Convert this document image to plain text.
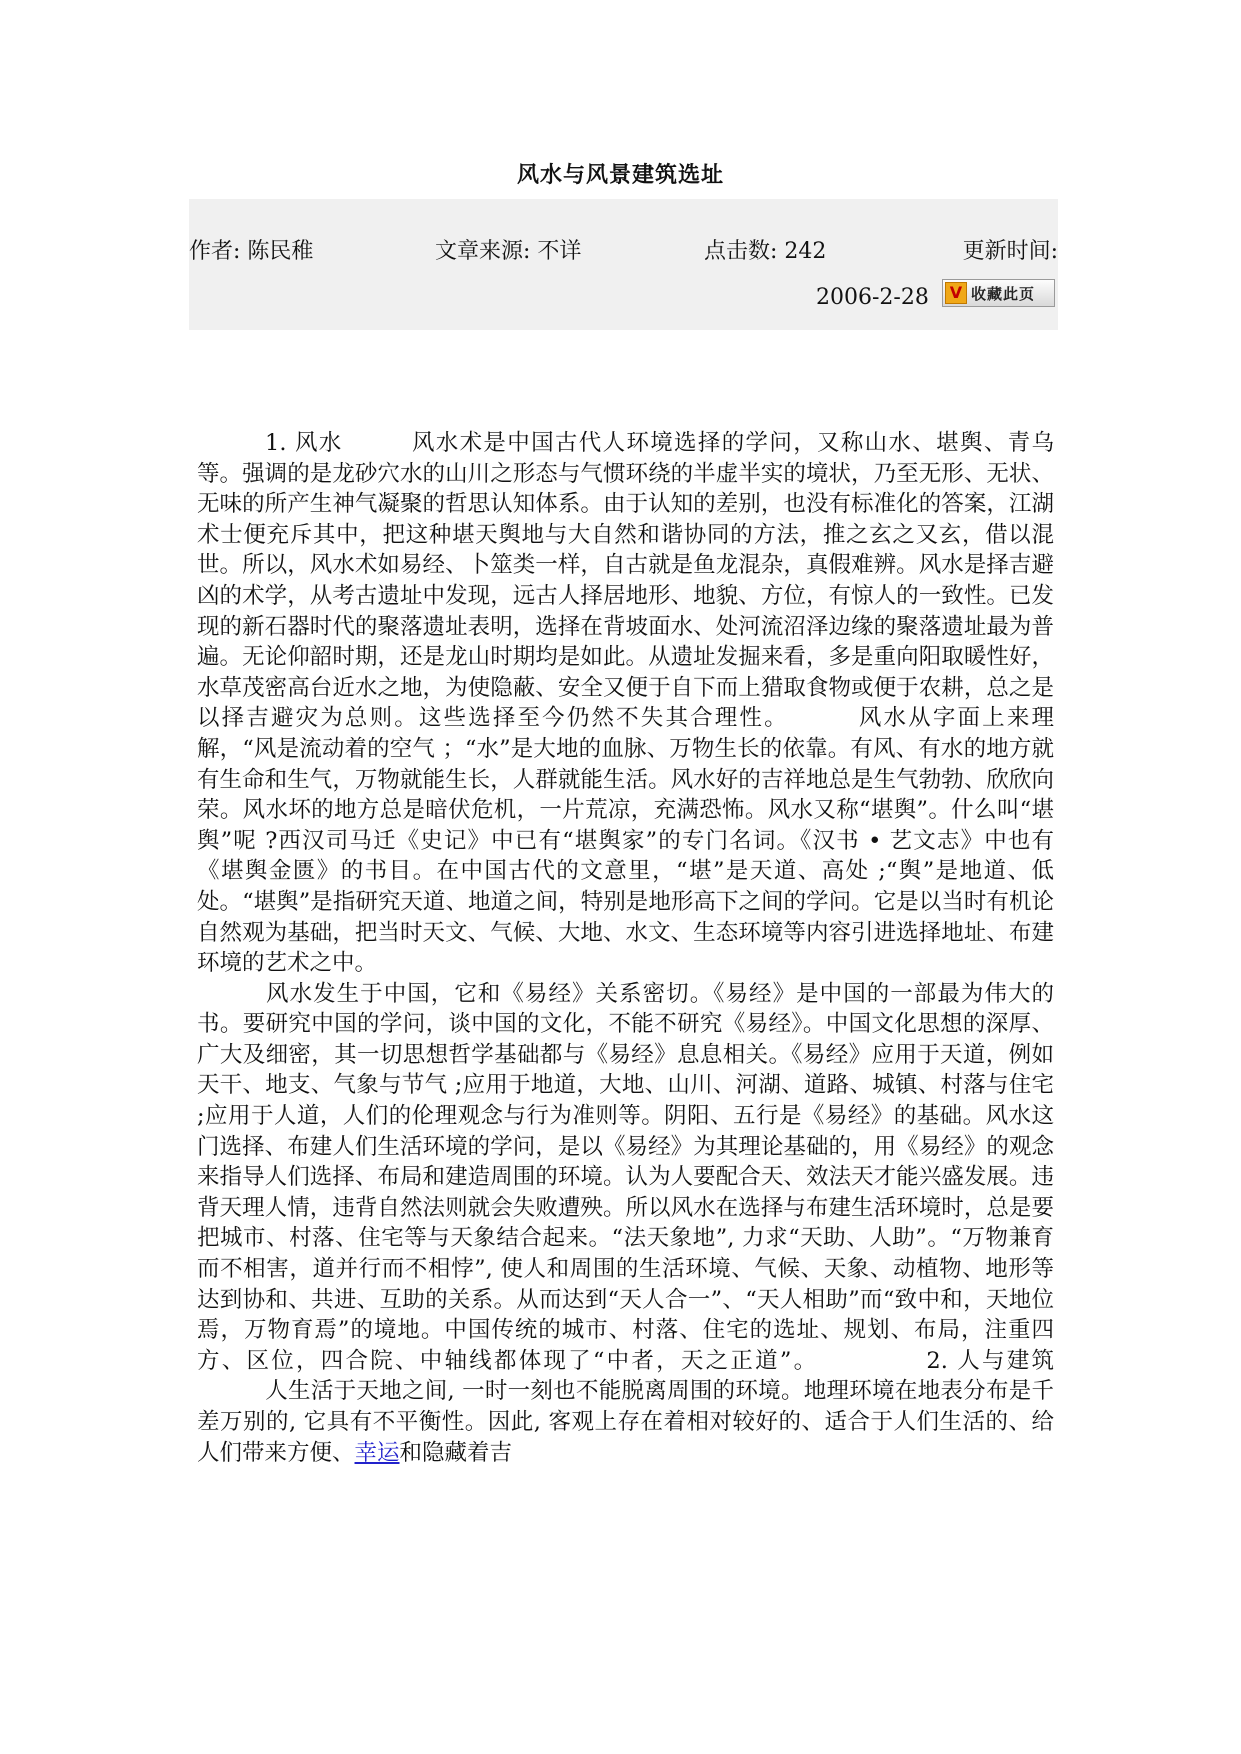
风水与风景建筑选址
作者: 陈民稚	文章来源: 不详	点击数: 242	更新时间:
2006-2-28 V 收藏此页

1. 风水	风水术是中国古代人环境选择的学问，又称山水、堪舆、青乌等。强调的是龙砂穴水的山川之形态与气惯环绕的半虚半实的境状，乃至无形、无状、无味的所产生神气凝聚的哲思认知体系。由于认知的差别，也没有标准化的答案，江湖术士便充斥其中，把这种堪天舆地与大自然和谐协同的方法，推之玄之又玄，借以混世。所以，风水术如易经、卜筮类一样，自古就是鱼龙混杂，真假难辨。风水是择吉避凶的术学，从考古遗址中发现，远古人择居地形、地貌、方位，有惊人的一致性。已发现的新石器时代的聚落遗址表明，选择在背坡面水、处河流沼泽边缘的聚落遗址最为普遍。无论仰韶时期，还是龙山时期均是如此。从遗址发掘来看，多是重向阳取暖性好，水草茂密高台近水之地，为使隐蔽、安全又便于自下而上猎取食物或便于农耕，总之是以择吉避灾为总则。这些选择至今仍然不失其合理性。	风水从字面上来理解，“风是流动着的空气 ；“水”是大地的血脉、万物生长的依靠。有风、有水的地方就有生命和生气，万物就能生长，人群就能生活。风水好的吉祥地总是生气勃勃、欣欣向荣。风水坏的地方总是暗伏危机，一片荒凉，充满恐怖。风水又称“堪舆”。什么叫“堪舆”呢 ?西汉司马迁《史记》中已有“堪舆家”的专门名词。《汉书 • 艺文志》中也有《堪舆金匮》的书目。在中国古代的文意里，“堪”是天道、高处 ;“舆”是地道、低处。“堪舆”是指研究天道、地道之间，特别是地形高下之间的学问。它是以当时有机论自然观为基础，把当时天文、气候、大地、水文、生态环境等内容引进选择地址、布建环境的艺术之中。

风水发生于中国，它和《易经》关系密切。《易经》是中国的一部最为伟大的书。要研究中国的学问，谈中国的文化，不能不研究《易经》。中国文化思想的深厚、广大及细密，其一切思想哲学基础都与《易经》息息相关。《易经》应用于天道，例如天干、地支、气象与节气 ;应用于地道，大地、山川、河湖、道路、城镇、村落与住宅 ;应用于人道，人们的伦理观念与行为准则等。阴阳、五行是《易经》的基础。风水这门选择、布建人们生活环境的学问，是以《易经》为其理论基础的，用《易经》的观念来指导人们选择、布局和建造周围的环境。认为人要配合天、效法天才能兴盛发展。违背天理人情，违背自然法则就会失败遭殃。所以风水在选择与布建生活环境时，总是要把城市、村落、住宅等与天象结合起来。“法天象地”, 力求“天助、人助”。“万物兼育而不相害，道并行而不相悖”, 使人和周围的生活环境、气候、天象、动植物、地形等达到协和、共进、互助的关系。从而达到“天人合一”、“天人相助”而“致中和，天地位焉，万物育焉”的境地。中国传统的城市、村落、住宅的选址、规划、布局，注重四方、区位，四合院、中轴线都体现了“中者，天之正道”。	2. 人与建筑人生活于天地之间, 一时一刻也不能脱离周围的环境。地理环境在地表分布是千差万别的, 它具有不平衡性。因此, 客观上存在着相对较好的、适合于人们生活的、给人们带来方便、幸运和隐藏着吉
